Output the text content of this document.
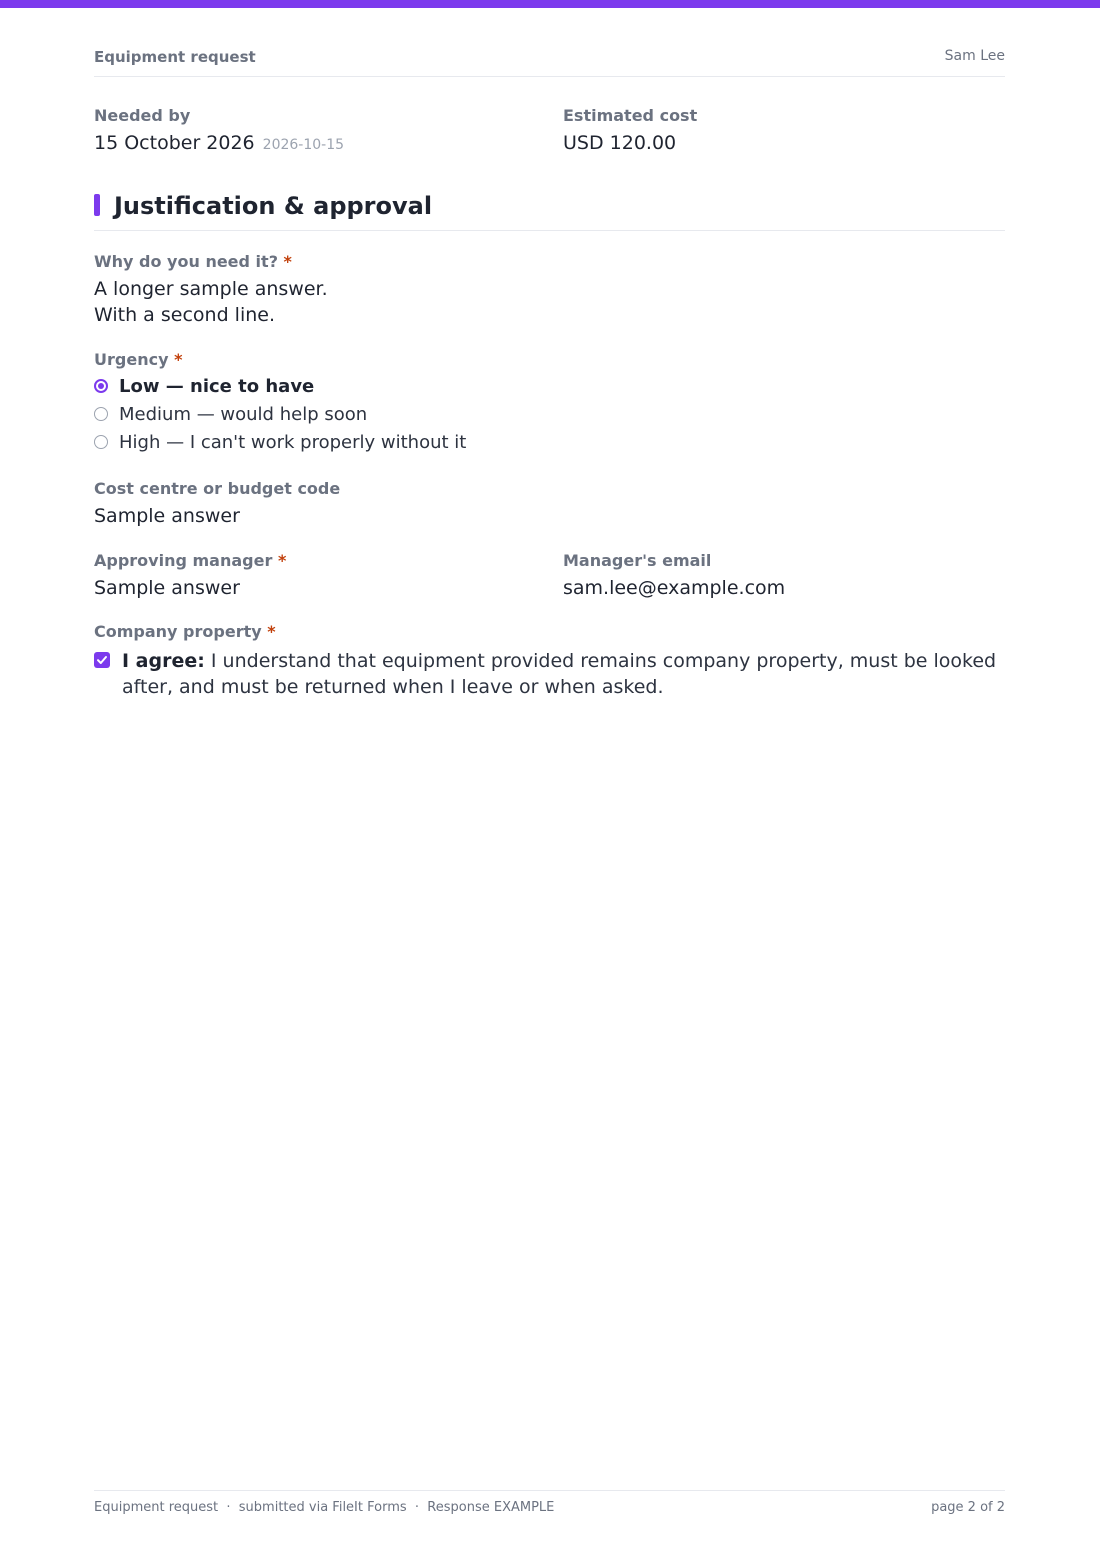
Equipment request	Sam Lee
Needed by
15 October 2026 2026-10-15
Estimated cost
USD 120.00
Justification & approval
Why do you need it? *
A longer sample answer.
With a second line.
Urgency *
Low — nice to have
Medium — would help soon
High — I can't work properly without it
Cost centre or budget code
Sample answer
Approving manager *
Sample answer
Manager's email
sam.lee@example.com
Company property *
I agree: I understand that equipment provided remains company property, must be looked after, and must be returned when I leave or when asked.
Equipment request  ·  submitted via FileIt Forms  ·  Response EXAMPLE	page 2 of 2
